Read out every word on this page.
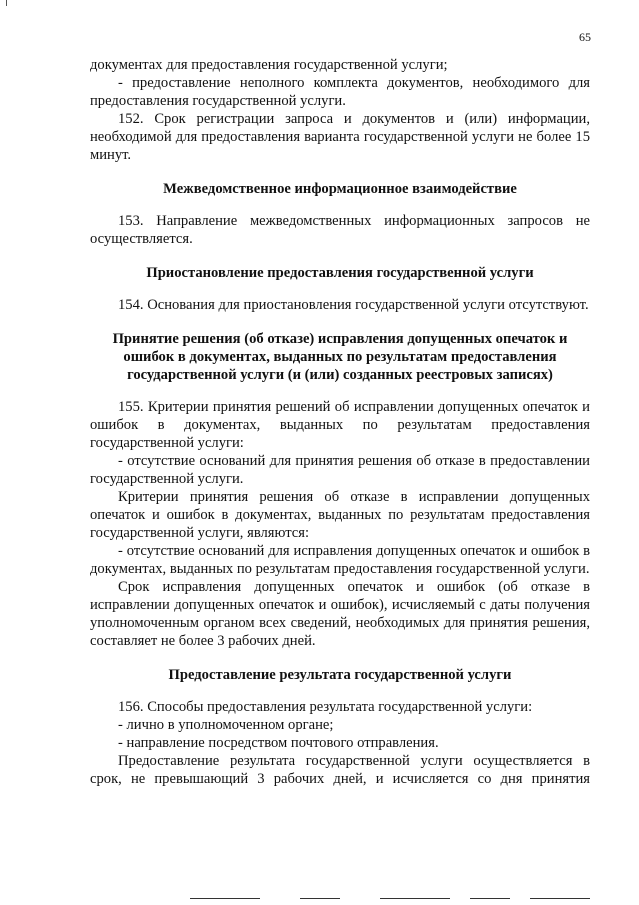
65

документах для предоставления государственной услуги;

- предоставление неполного комплекта документов, необходимого для предоставления государственной услуги.

152. Срок регистрации запроса и документов и (или) информации, необходимой для предоставления варианта государственной услуги не более 15 минут.

Межведомственное информационное взаимодействие

153. Направление межведомственных информационных запросов не осуществляется.

Приостановление предоставления государственной услуги

154. Основания для приостановления государственной услуги отсутствуют.

Принятие решения (об отказе) исправления допущенных опечаток и ошибок в документах, выданных по результатам предоставления государственной услуги (и (или) созданных реестровых записях)

155. Критерии принятия решений об исправлении допущенных опечаток и ошибок в документах, выданных по результатам предоставления государственной услуги:

- отсутствие оснований для принятия решения об отказе в предоставлении государственной услуги.

Критерии принятия решения об отказе в исправлении допущенных опечаток и ошибок в документах, выданных по результатам предоставления государственной услуги, являются:

- отсутствие оснований для исправления допущенных опечаток и ошибок в документах, выданных по результатам предоставления государственной услуги.

Срок исправления допущенных опечаток и ошибок (об отказе в исправлении допущенных опечаток и ошибок), исчисляемый с даты получения уполномоченным органом всех сведений, необходимых для принятия решения, составляет не более 3 рабочих дней.

Предоставление результата государственной услуги

156. Способы предоставления результата государственной услуги:

- лично в уполномоченном органе;

- направление посредством почтового отправления.

Предоставление результата государственной услуги осуществляется в срок, не превышающий 3 рабочих дней, и исчисляется со дня принятия
